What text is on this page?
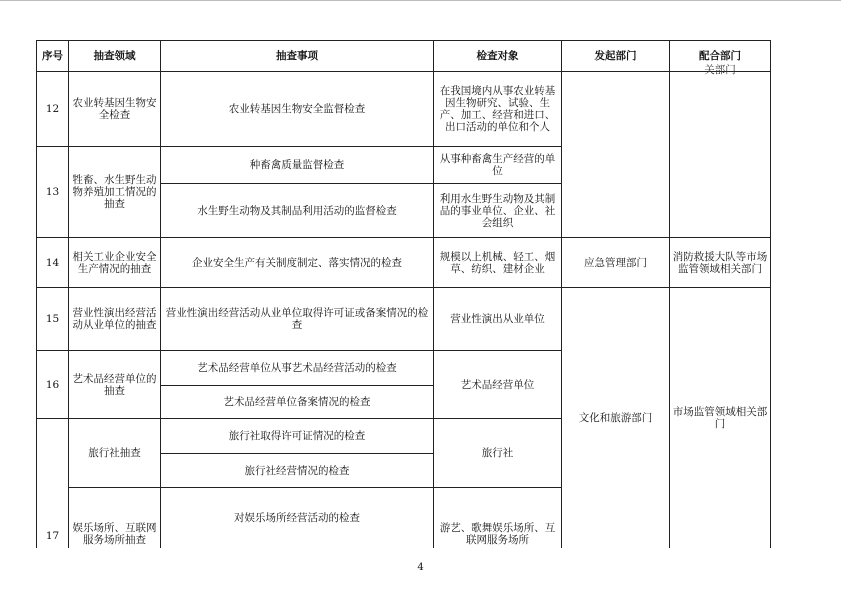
序号	抽查领域	抽查事项	检查对象	发起部门	配合部门
12	农业转基因生物安全检查	农业转基因生物安全监督检查	在我国境内从事农业转基因生物研究、试验、生产、加工、经营和进口、出口活动的单位和个人		关部门

13	牲畜、水生野生动物养殖加工情况的抽查	种畜禽质量监督检查	从事种畜禽生产经营的单位		
		水生野生动物及其制品利用活动的监督检查	利用水生野生动物及其制品的事业单位、企业、社会组织		
14	相关工业企业安全生产情况的抽查	企业安全生产有关制度制定、落实情况的检查	规模以上机械、轻工、烟草、纺织、建材企业	应急管理部门	消防救援大队等市场监管领域相关部门
15	营业性演出经营活动从业单位的抽查	营业性演出经营活动从业单位取得许可证或备案情况的检查	营业性演出从业单位	文化和旅游部门	市场监管领域相关部门
16	艺术品经营单位的抽查	艺术品经营单位从事艺术品经营活动的检查	艺术品经营单位		
		艺术品经营单位备案情况的检查			
17	旅行社抽查	旅行社取得许可证情况的检查	旅行社		
		旅行社经营情况的检查			
	娱乐场所、互联网服务场所抽查	对娱乐场所经营活动的检查	游艺、歌舞娱乐场所、互联网服务场所		
4
